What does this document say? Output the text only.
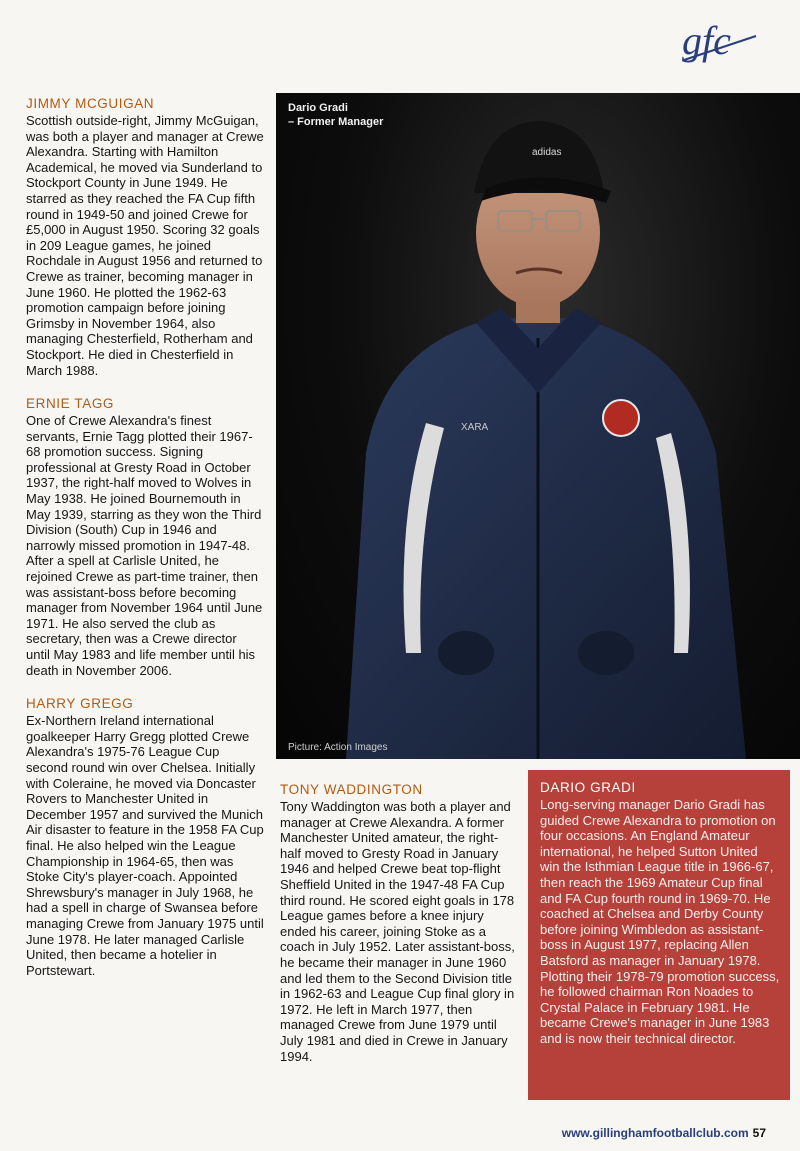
gfc
JIMMY MCGUIGAN

Scottish outside-right, Jimmy McGuigan, was both a player and manager at Crewe Alexandra. Starting with Hamilton Academical, he moved via Sunderland to Stockport County in June 1949. He starred as they reached the FA Cup fifth round in 1949-50 and joined Crewe for £5,000 in August 1950. Scoring 32 goals in 209 League games, he joined Rochdale in August 1956 and returned to Crewe as trainer, becoming manager in June 1960. He plotted the 1962-63 promotion campaign before joining Grimsby in November 1964, also managing Chesterfield, Rotherham and Stockport. He died in Chesterfield in March 1988.

ERNIE TAGG

One of Crewe Alexandra's finest servants, Ernie Tagg plotted their 1967-68 promotion success. Signing professional at Gresty Road in October 1937, the right-half moved to Wolves in May 1938. He joined Bournemouth in May 1939, starring as they won the Third Division (South) Cup in 1946 and narrowly missed promotion in 1947-48. After a spell at Carlisle United, he rejoined Crewe as part-time trainer, then was assistant-boss before becoming manager from November 1964 until June 1971. He also served the club as secretary, then was a Crewe director until May 1983 and life member until his death in November 2006.

HARRY GREGG

Ex-Northern Ireland international goalkeeper Harry Gregg plotted Crewe Alexandra's 1975-76 League Cup second round win over Chelsea. Initially with Coleraine, he moved via Doncaster Rovers to Manchester United in December 1957 and survived the Munich Air disaster to feature in the 1958 FA Cup final. He also helped win the League Championship in 1964-65, then was Stoke City's player-coach. Appointed Shrewsbury's manager in July 1968, he had a spell in charge of Swansea before managing Crewe from January 1975 until June 1978. He later managed Carlisle United, then became a hotelier in Portstewart.

XARA
adidas
Dario Gradi
– Former Manager
Picture: Action Images
TONY WADDINGTON

Tony Waddington was both a player and manager at Crewe Alexandra. A former Manchester United amateur, the right-half moved to Gresty Road in January 1946 and helped Crewe beat top-flight Sheffield United in the 1947-48 FA Cup third round. He scored eight goals in 178 League games before a knee injury ended his career, joining Stoke as a coach in July 1952. Later assistant-boss, he became their manager in June 1960 and led them to the Second Division title in 1962-63 and League Cup final glory in 1972. He left in March 1977, then managed Crewe from June 1979 until July 1981 and died in Crewe in January 1994.

DARIO GRADI

Long-serving manager Dario Gradi has guided Crewe Alexandra to promotion on four occasions. An England Amateur international, he helped Sutton United win the Isthmian League title in 1966-67, then reach the 1969 Amateur Cup final and FA Cup fourth round in 1969-70. He coached at Chelsea and Derby County before joining Wimbledon as assistant-boss in August 1977, replacing Allen Batsford as manager in January 1978. Plotting their 1978-79 promotion success, he followed chairman Ron Noades to Crystal Palace in February 1981. He became Crewe's manager in June 1983 and is now their technical director.

www.gillinghamfootballclub.com 57
